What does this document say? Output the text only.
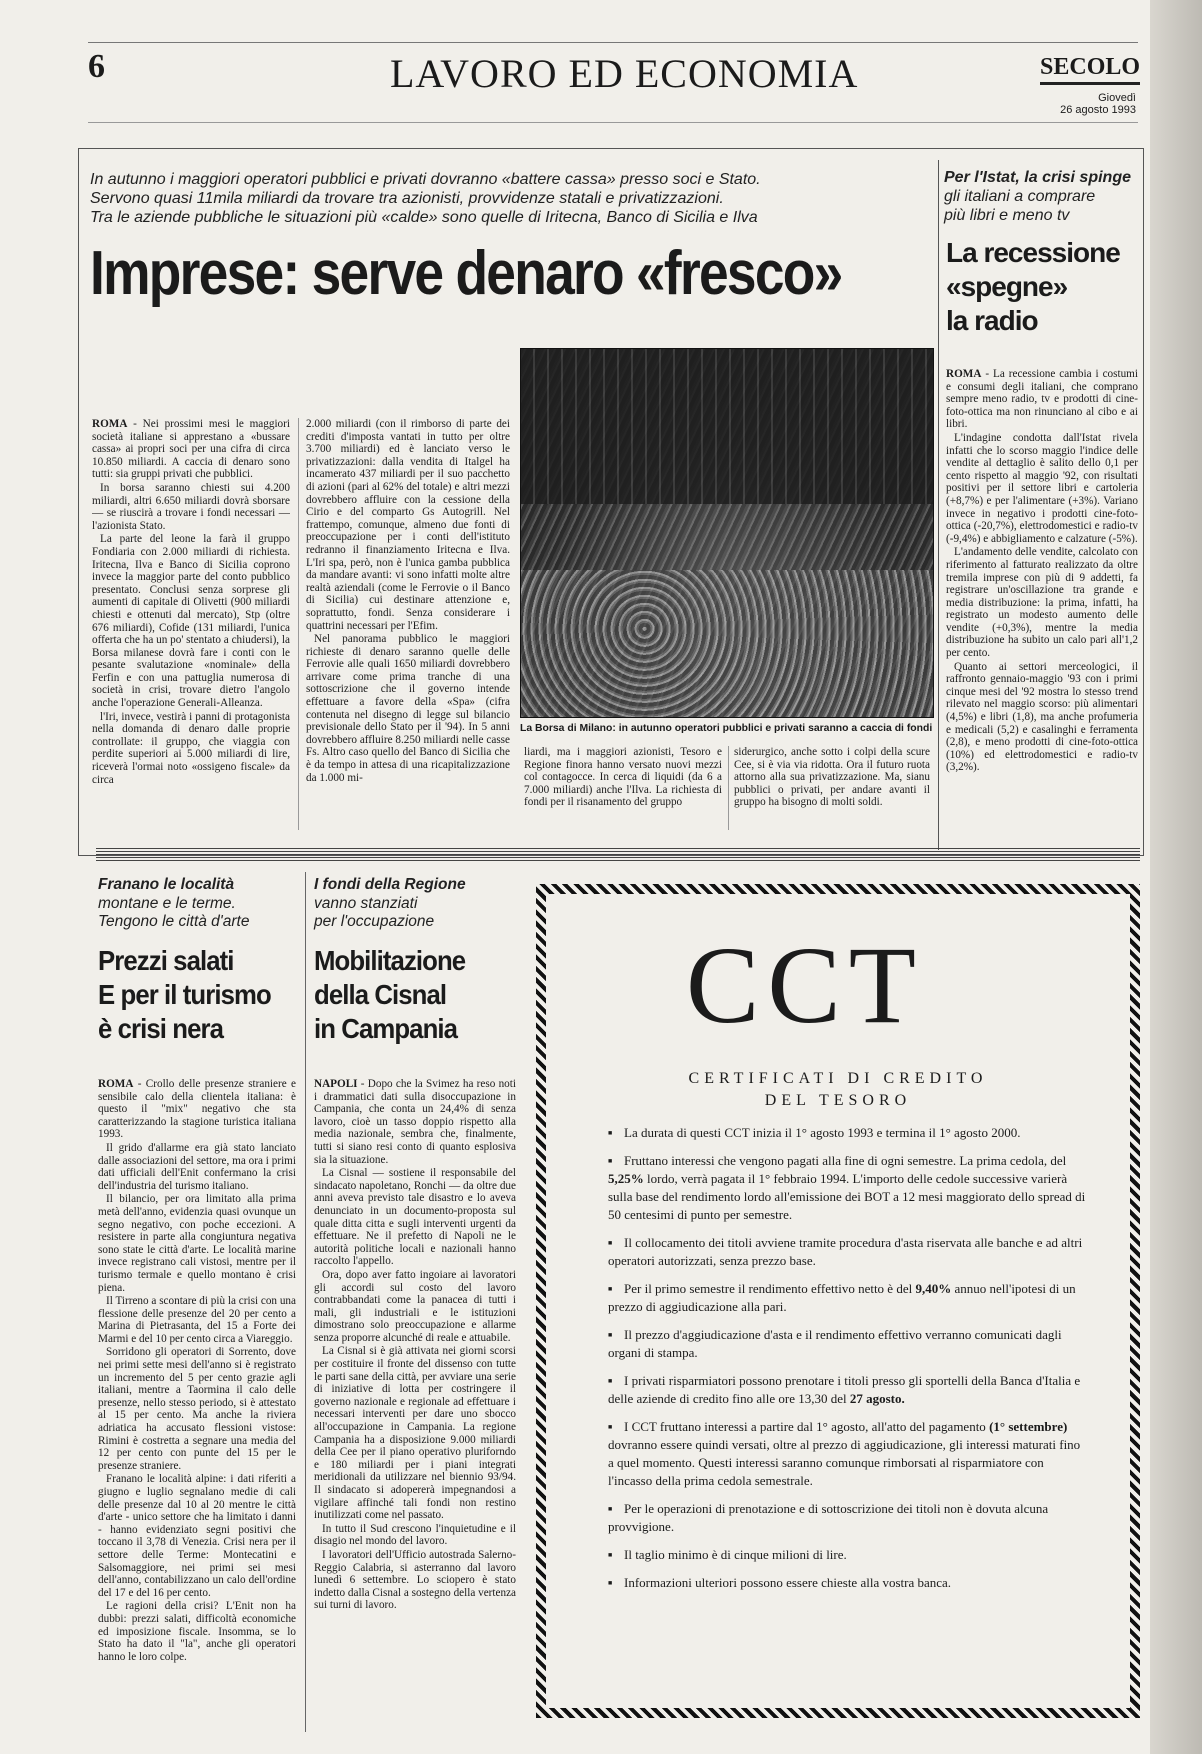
6	LAVORO ED ECONOMIA	SECOLO
Giovedì
26 agosto 1993
In autunno i maggiori operatori pubblici e privati dovranno «battere cassa» presso soci e Stato.
Servono quasi 11mila miliardi da trovare tra azionisti, provvidenze statali e privatizzazioni.
Tra le aziende pubbliche le situazioni più «calde» sono quelle di Iritecna, Banco di Sicilia e Ilva
Imprese: serve denaro «fresco»

ROMA - Nei prossimi mesi le maggiori società italiane si apprestano a «bussare cassa» ai propri soci per una cifra di circa 10.850 miliardi. A caccia di denaro sono tutti: sia gruppi privati che pubblici.

In borsa saranno chiesti sui 4.200 miliardi, altri 6.650 miliardi dovrà sborsare — se riuscirà a trovare i fondi necessari — l'azionista Stato.

La parte del leone la farà il gruppo Fondiaria con 2.000 miliardi di richiesta. Iritecna, Ilva e Banco di Sicilia coprono invece la maggior parte del conto pubblico presentato. Conclusi senza sorprese gli aumenti di capitale di Olivetti (900 miliardi chiesti e ottenuti dal mercato), Stp (oltre 676 miliardi), Cofide (131 miliardi, l'unica offerta che ha un po' stentato a chiudersi), la Borsa milanese dovrà fare i conti con le pesante svalutazione «nominale» della Ferfin e con una pattuglia numerosa di società in crisi, trovare dietro l'angolo anche l'operazione Generali-Alleanza.

l'Iri, invece, vestirà i panni di protagonista nella domanda di denaro dalle proprie controllate: il gruppo, che viaggia con perdite superiori ai 5.000 miliardi di lire, riceverà l'ormai noto «ossigeno fiscale» da circa

2.000 miliardi (con il rimborso di parte dei crediti d'imposta vantati in tutto per oltre 3.700 miliardi) ed è lanciato verso le privatizzazioni: dalla vendita di Italgel ha incamerato 437 miliardi per il suo pacchetto di azioni (pari al 62% del totale) e altri mezzi dovrebbero affluire con la cessione della Cirio e del comparto Gs Autogrill. Nel frattempo, comunque, almeno due fonti di preoccupazione per i conti dell'istituto redranno il finanziamento Iritecna e Ilva. L'Iri spa, però, non è l'unica gamba pubblica da mandare avanti: vi sono infatti molte altre realtà aziendali (come le Ferrovie o il Banco di Sicilia) cui destinare attenzione e, soprattutto, fondi. Senza considerare i quattrini necessari per l'Efim.

Nel panorama pubblico le maggiori richieste di denaro saranno quelle delle Ferrovie alle quali 1650 miliardi dovrebbero arrivare come prima tranche di una sottoscrizione che il governo intende effettuare a favore della «Spa» (cifra contenuta nel disegno di legge sul bilancio previsionale dello Stato per il '94). In 5 anni dovrebbero affluire 8.250 miliardi nelle casse Fs. Altro caso quello del Banco di Sicilia che è da tempo in attesa di una ricapitalizzazione da 1.000 mi-

La Borsa di Milano: in autunno operatori pubblici e privati saranno a caccia di fondi

liardi, ma i maggiori azionisti, Tesoro e Regione finora hanno versato nuovi mezzi col contagocce. In cerca di liquidi (da 6 a 7.000 miliardi) anche l'Ilva. La richiesta di fondi per il risanamento del gruppo

siderurgico, anche sotto i colpi della scure Cee, si è via via ridotta. Ora il futuro ruota attorno alla sua privatizzazione. Ma, sianu pubblici o privati, per andare avanti il gruppo ha bisogno di molti soldi.

Per l'Istat, la crisi spinge
gli italiani a comprare
più libri e meno tv
La recessione
«spegne»
la radio

ROMA - La recessione cambia i costumi e consumi degli italiani, che comprano sempre meno radio, tv e prodotti di cine-foto-ottica ma non rinunciano al cibo e ai libri.

L'indagine condotta dall'Istat rivela infatti che lo scorso maggio l'indice delle vendite al dettaglio è salito dello 0,1 per cento rispetto al maggio '92, con risultati positivi per il settore libri e cartoleria (+8,7%) e per l'alimentare (+3%). Variano invece in negativo i prodotti cine-foto-ottica (-20,7%), elettrodomestici e radio-tv (-9,4%) e abbigliamento e calzature (-5%).

L'andamento delle vendite, calcolato con riferimento al fatturato realizzato da oltre tremila imprese con più di 9 addetti, fa registrare un'oscillazione tra grande e media distribuzione: la prima, infatti, ha registrato un modesto aumento delle vendite (+0,3%), mentre la media distribuzione ha subito un calo pari all'1,2 per cento.

Quanto ai settori merceologici, il raffronto gennaio-maggio '93 con i primi cinque mesi del '92 mostra lo stesso trend rilevato nel maggio scorso: più alimentari (4,5%) e libri (1,8), ma anche profumeria e medicali (5,2) e casalinghi e ferramenta (2,8), e meno prodotti di cine-foto-ottica (10%) ed elettrodomestici e radio-tv (3,2%).

Franano le località
montane e le terme.
Tengono le città d'arte
Prezzi salati
E per il turismo
è crisi nera

ROMA - Crollo delle presenze straniere e sensibile calo della clientela italiana: è questo il "mix" negativo che sta caratterizzando la stagione turistica italiana 1993.

Il grido d'allarme era già stato lanciato dalle associazioni del settore, ma ora i primi dati ufficiali dell'Enit confermano la crisi dell'industria del turismo italiano.

Il bilancio, per ora limitato alla prima metà dell'anno, evidenzia quasi ovunque un segno negativo, con poche eccezioni. A resistere in parte alla congiuntura negativa sono state le città d'arte. Le località marine invece registrano cali vistosi, mentre per il turismo termale e quello montano è crisi piena.

Il Tirreno a scontare di più la crisi con una flessione delle presenze del 20 per cento a Marina di Pietrasanta, del 15 a Forte dei Marmi e del 10 per cento circa a Viareggio.

Sorridono gli operatori di Sorrento, dove nei primi sette mesi dell'anno si è registrato un incremento del 5 per cento grazie agli italiani, mentre a Taormina il calo delle presenze, nello stesso periodo, si è attestato al 15 per cento. Ma anche la riviera adriatica ha accusato flessioni vistose: Rimini è costretta a segnare una media del 12 per cento con punte del 15 per le presenze straniere.

Franano le località alpine: i dati riferiti a giugno e luglio segnalano medie di cali delle presenze dal 10 al 20 mentre le città d'arte - unico settore che ha limitato i danni - hanno evidenziato segni positivi che toccano il 3,78 di Venezia. Crisi nera per il settore delle Terme: Montecatini e Salsomaggiore, nei primi sei mesi dell'anno, contabilizzano un calo dell'ordine del 17 e del 16 per cento.

Le ragioni della crisi? L'Enit non ha dubbi: prezzi salati, difficoltà economiche ed imposizione fiscale. Insomma, se lo Stato ha dato il "la", anche gli operatori hanno le loro colpe.

I fondi della Regione
vanno stanziati
per l'occupazione
Mobilitazione
della Cisnal
in Campania

NAPOLI - Dopo che la Svimez ha reso noti i drammatici dati sulla disoccupazione in Campania, che conta un 24,4% di senza lavoro, cioè un tasso doppio rispetto alla media nazionale, sembra che, finalmente, tutti si siano resi conto di quanto esplosiva sia la situazione.

La Cisnal — sostiene il responsabile del sindacato napoletano, Ronchi — da oltre due anni aveva previsto tale disastro e lo aveva denunciato in un documento-proposta sul quale ditta citta e sugli interventi urgenti da effettuare. Ne il prefetto di Napoli ne le autorità politiche locali e nazionali hanno raccolto l'appello.

Ora, dopo aver fatto ingoiare ai lavoratori gli accordi sul costo del lavoro contrabbandati come la panacea di tutti i mali, gli industriali e le istituzioni dimostrano solo preoccupazione e allarme senza proporre alcunché di reale e attuabile.

La Cisnal si è già attivata nei giorni scorsi per costituire il fronte del dissenso con tutte le parti sane della città, per avviare una serie di iniziative di lotta per costringere il governo nazionale e regionale ad effettuare i necessari interventi per dare uno sbocco all'occupazione in Campania. La regione Campania ha a disposizione 9.000 miliardi della Cee per il piano operativo pluriforndo e 180 miliardi per i piani integrati meridionali da utilizzare nel biennio 93/94. Il sindacato si adopererà impegnandosi a vigilare affinché tali fondi non restino inutilizzati come nel passato.

In tutto il Sud crescono l'inquietudine e il disagio nel mondo del lavoro.

I lavoratori dell'Ufficio autostrada Salerno-Reggio Calabria, si asterranno dal lavoro lunedì 6 settembre. Lo sciopero è stato indetto dalla Cisnal a sostegno della vertenza sui turni di lavoro.

CCT
CERTIFICATI DI CREDITO
DEL TESORO
■ La durata di questi CCT inizia il 1° agosto 1993 e termina il 1° agosto 2000.
■ Fruttano interessi che vengono pagati alla fine di ogni semestre. La prima cedola, del 5,25% lordo, verrà pagata il 1° febbraio 1994. L'importo delle cedole successive varierà sulla base del rendimento lordo all'emissione dei BOT a 12 mesi maggiorato dello spread di 50 centesimi di punto per semestre.
■ Il collocamento dei titoli avviene tramite procedura d'asta riservata alle banche e ad altri operatori autorizzati, senza prezzo base.
■ Per il primo semestre il rendimento effettivo netto è del 9,40% annuo nell'ipotesi di un prezzo di aggiudicazione alla pari.
■ Il prezzo d'aggiudicazione d'asta e il rendimento effettivo verranno comunicati dagli organi di stampa.
■ I privati risparmiatori possono prenotare i titoli presso gli sportelli della Banca d'Italia e delle aziende di credito fino alle ore 13,30 del 27 agosto.
■ I CCT fruttano interessi a partire dal 1° agosto, all'atto del pagamento (1° settembre) dovranno essere quindi versati, oltre al prezzo di aggiudicazione, gli interessi maturati fino a quel momento. Questi interessi saranno comunque rimborsati al risparmiatore con l'incasso della prima cedola semestrale.
■ Per le operazioni di prenotazione e di sottoscrizione dei titoli non è dovuta alcuna provvigione.
■ Il taglio minimo è di cinque milioni di lire.
■ Informazioni ulteriori possono essere chieste alla vostra banca.
